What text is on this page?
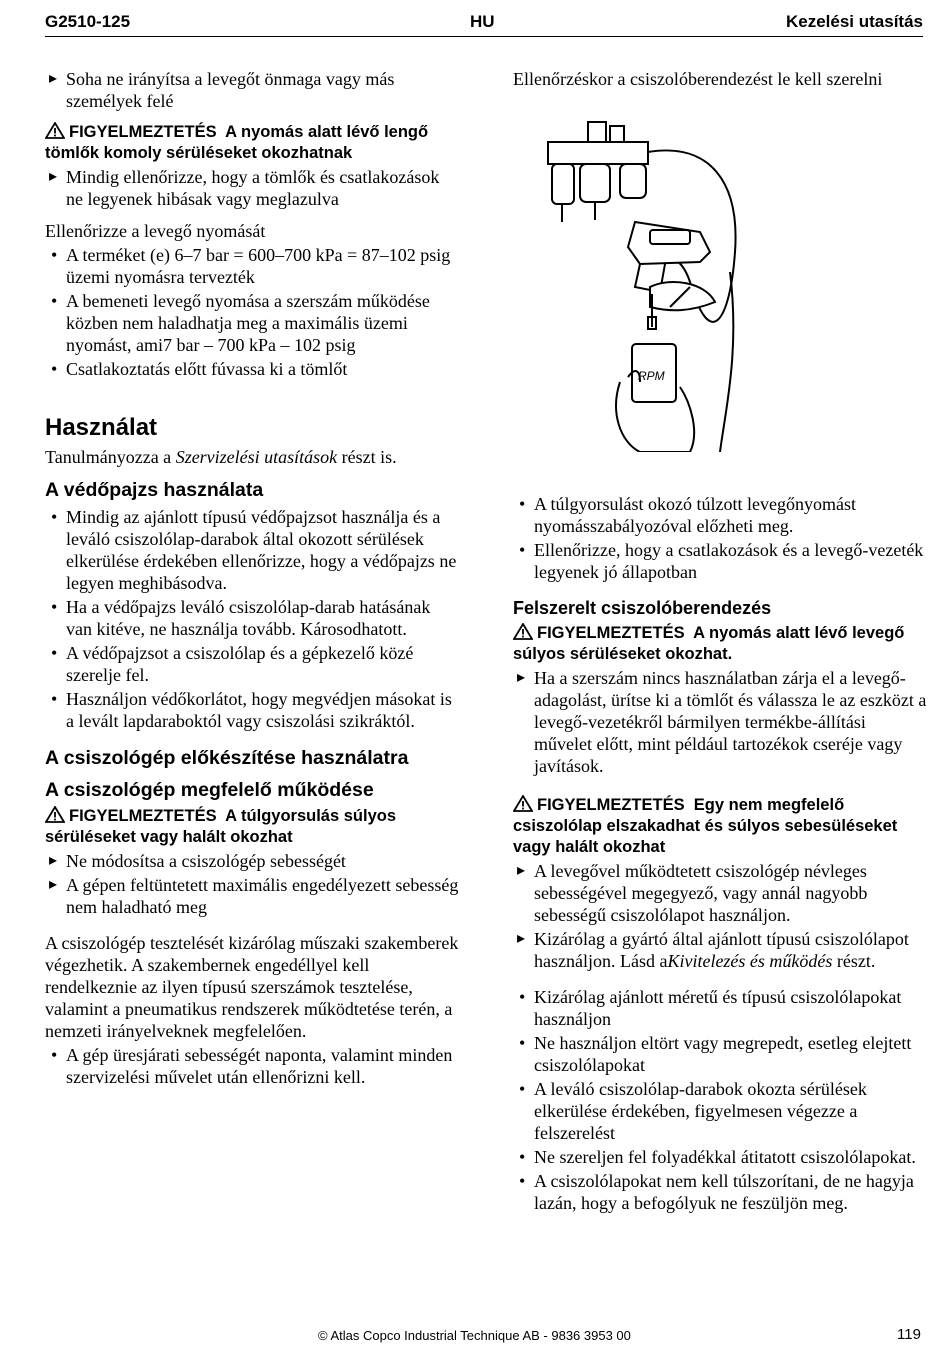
G2510-125	HU	Kezelési utasítás
▸ Soha ne irányítsa a levegőt önmaga vagy más személyek felé
FIGYELMEZTETÉS A nyomás alatt lévő lengő tömlők komoly sérüléseket okozhatnak
▸ Mindig ellenőrizze, hogy a tömlők és csatlakozások ne legyenek hibásak vagy meglazulva

Ellenőrizze a levegő nyomását

• A terméket (e) 6–7 bar = 600–700 kPa = 87–102 psig üzemi nyomásra tervezték
• A bemeneti levegő nyomása a szerszám működése közben nem haladhatja meg a maximális üzemi nyomást, ami7 bar – 700 kPa – 102 psig
• Csatlakoztatás előtt fúvassa ki a tömlőt
Használat

Tanulmányozza a Szervizelési utasítások részt is.

A védőpajzs használata
• Mindig az ajánlott típusú védőpajzsot használja és a leváló csiszolólap-darabok által okozott sérülések elkerülése érdekében ellenőrizze, hogy a védőpajzs ne legyen meghibásodva.
• Ha a védőpajzs leváló csiszolólap-darab hatásának van kitéve, ne használja tovább. Károsodhatott.
• A védőpajzsot a csiszolólap és a gépkezelő közé szerelje fel.
• Használjon védőkorlátot, hogy megvédjen másokat is a levált lapdaraboktól vagy csiszolási szikráktól.
A csiszológép előkészítése használatra
A csiszológép megfelelő működése
FIGYELMEZTETÉS A túlgyorsulás súlyos sérüléseket vagy halált okozhat
▸ Ne módosítsa a csiszológép sebességét
▸ A gépen feltüntetett maximális engedélyezett sebesség nem haladható meg

A csiszológép tesztelését kizárólag műszaki szakemberek végezhetik. A szakembernek engedéllyel kell rendelkeznie az ilyen típusú szerszámok tesztelése, valamint a pneumatikus rendszerek működtetése terén, a nemzeti irányelveknek megfelelően.

• A gép üresjárati sebességét naponta, valamint minden szervizelési művelet után ellenőrizni kell.

Ellenőrzéskor a csiszolóberendezést le kell szerelni

RPM
• A túlgyorsulást okozó túlzott levegőnyomást nyomásszabályozóval előzheti meg.
• Ellenőrizze, hogy a csatlakozások és a levegő-vezeték legyenek jó állapotban
Felszerelt csiszolóberendezés
FIGYELMEZTETÉS A nyomás alatt lévő levegő súlyos sérüléseket okozhat.
▸ Ha a szerszám nincs használatban zárja el a levegő-adagolást, ürítse ki a tömlőt és válassza le az eszközt a levegő-vezetékről bármilyen termékbe-állítási művelet előtt, mint például tartozékok cseréje vagy javítások.
FIGYELMEZTETÉS Egy nem megfelelő csiszolólap elszakadhat és súlyos sebesüléseket vagy halált okozhat
▸ A levegővel működtetett csiszológép névleges sebességével megegyező, vagy annál nagyobb sebességű csiszolólapot használjon.
▸ Kizárólag a gyártó által ajánlott típusú csiszolólapot használjon. Lásd aKivitelezés és működés részt.
• Kizárólag ajánlott méretű és típusú csiszolólapokat használjon
• Ne használjon eltört vagy megrepedt, esetleg elejtett csiszolólapokat
• A leváló csiszolólap-darabok okozta sérülések elkerülése érdekében, figyelmesen végezze a felszerelést
• Ne szereljen fel folyadékkal átitatott csiszolólapokat.
• A csiszolólapokat nem kell túlszorítani, de ne hagyja lazán, hogy a befogólyuk ne feszüljön meg.
© Atlas Copco Industrial Technique AB - 9836 3953 00	119
